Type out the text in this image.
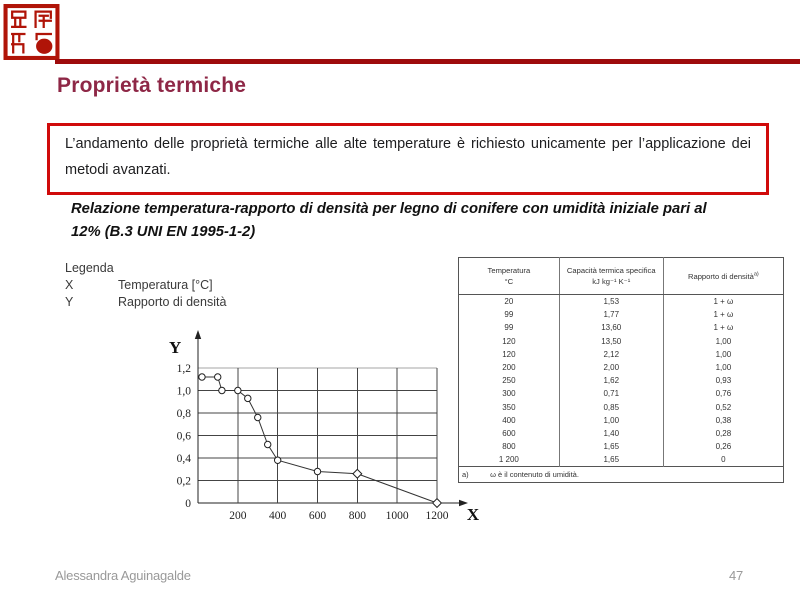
Proprietà termiche

L’andamento delle proprietà termiche alle alte temperature è richiesto unicamente per l’applicazione dei metodi avanzati.

Relazione temperatura-rapporto di densità per legno di conifere con umidità iniziale pari al 12% (B.3 UNI EN 1995-1-2)

Legenda
X	Temperatura [°C]
Y	Rapporto di densità
0
0,2
0,4
0,6
0,8
1,0
1,2
200 400 600 800 1000 1200
Y
X
Temperatura
°C

Capacità termica specifica
kJ kg⁻¹ K⁻¹

Rapporto di densità$^{a)}$

20	1,53	1 + ω
99	1,77	1 + ω
99	13,60	1 + ω
120	13,50	1,00
120	2,12	1,00
200	2,00	1,00
250	1,62	0,93
300	0,71	0,76
350	0,85	0,52
400	1,00	0,38
600	1,40	0,28
800	1,65	0,26
1 200	1,65	0
a) ω è il contenuto di umidità.		
Alessandra Aguinagalde	47
